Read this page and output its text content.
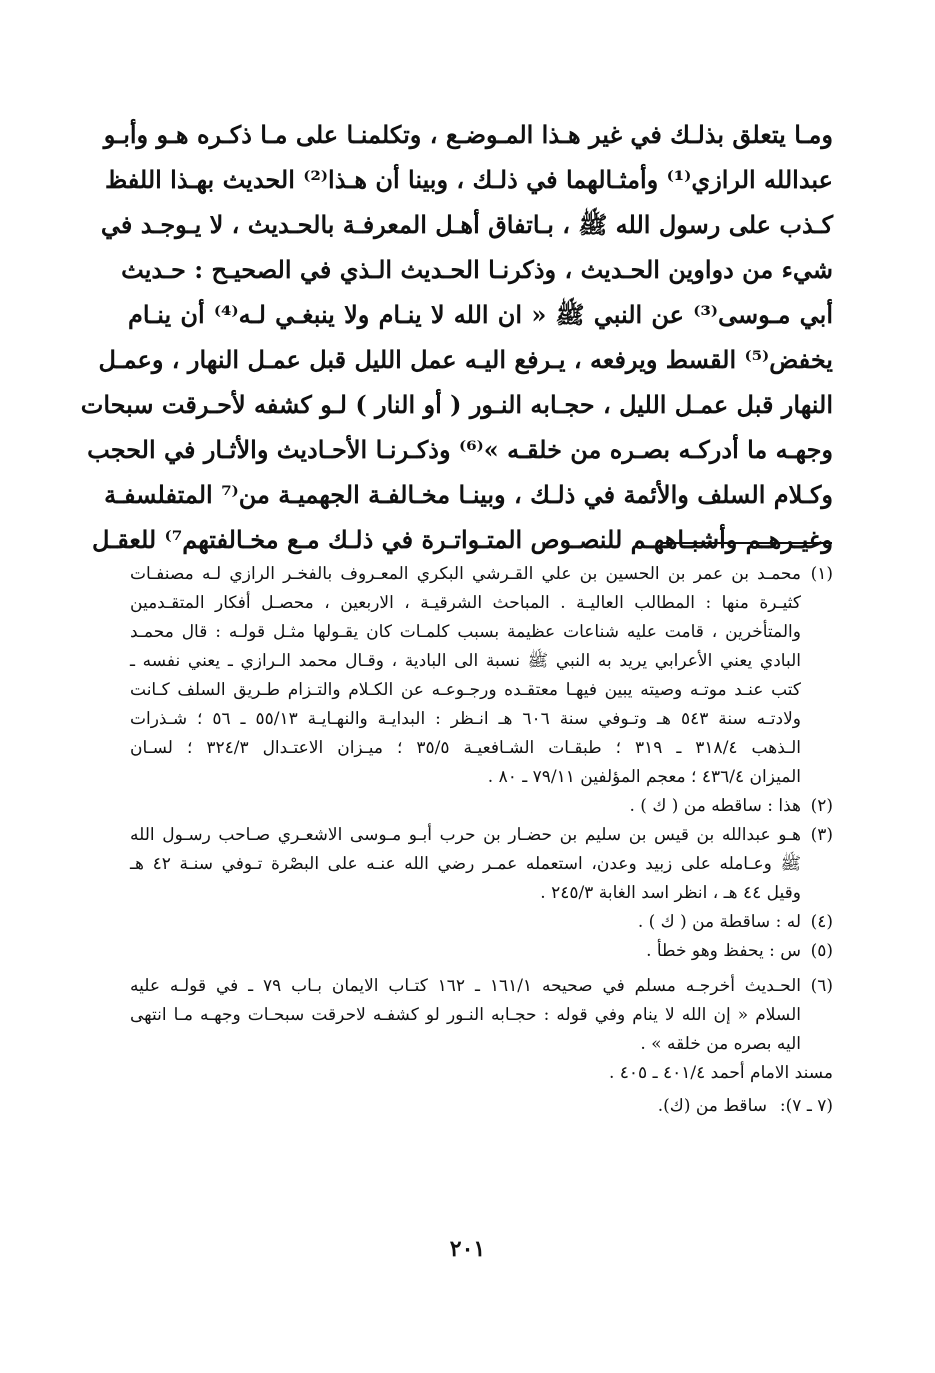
ومـا يتعلق بذلـك في غير هـذا المـوضـع ، وتكلمنـا على مـا ذكـره هـو وأبـو
عبدالله الرازي⁽¹⁾ وأمثـالهما في ذلـك ، وبينا أن هـذا⁽²⁾ الحديث بهـذا اللفظ
كـذب على رسول الله ﷺ ، بـاتفاق أهـل المعرفـة بالحـديث ، لا يـوجـد في
شيء من دواوين الحـديث ، وذكرنـا الحـديث الـذي في الصحيـح : حـديث
أبي مـوسى⁽³⁾ عن النبي ﷺ « ان الله لا ينـام ولا ينبغـي لـه⁽⁴⁾ أن ينـام
يخفض⁽⁵⁾ القسط ويرفعه ، يـرفع اليـه عمل الليل قبل عمـل النهار ، وعمـل
النهار قبل عمـل الليل ، حجـابه النـور ( أو النار ) لـو كشفه لأحـرقت سبحات
وجهـه ما أدركـه بصـره من خلقـه »⁽⁶⁾ وذكـرنـا الأحـاديث والأثـار في الحجب
وكـلام السلف والأئمة في ذلـك ، وبينـا مخـالفـة الجهميـة من⁽⁷ المتفلسفـة
وغيـرهـم وأشبـاههـم للنصـوص المتـواتـرة في ذلـك مـع مخـالفتهم⁷⁾ للعقـل
(١)
محمـد بن عمر بن الحسين بن علي القـرشي البكري المعـروف بالفخـر الرازي لـه مصنفـات
كثيـرة منها : المطالب العاليـة . المباحث الشرقيـة ، الاربعين ، محصـل أفكار المتقـدمين
والمتأخرين ، قامت عليه شناعات عظيمة بسبب كلمـات كان يقـولها مثـل قولـه : قال محمـد
البادي يعني الأعرابي يريد به النبي ﷺ نسبة الى البادية ، وقـال محمد الـرازي ـ يعني نفسه ـ
كتب عنـد موتـه وصيته يبين فيهـا معتقـده ورجـوعـه عن الكـلام والتـزام طـريق السلف كـانت
ولادتـه سنة ٥٤٣ هـ وتـوفي سنة ٦٠٦ هـ انـظر : البدايـة والنهـايـة ٥٥/١٣ ـ ٥٦ ؛ شـذرات
الـذهب ٣١٨/٤ ـ ٣١٩ ؛ طبقـات الشـافعيـة ٣٥/٥ ؛ ميـزان الاعتـدال ٣٢٤/٣ ؛ لسـان
الميزان ٤٣٦/٤ ؛ معجم المؤلفين ٧٩/١١ ـ ٨٠ .
(٢)
هذا : ساقطه من ( ك ) .
(٣)
هـو عبدالله بن قيس بن سليم بن حضـار بن حرب أبـو مـوسى الاشعـري صـاحب رسـول الله
ﷺ وعـامله على زبيد وعدن، استعمله عمـر رضي الله عنـه على البصْرة تـوفي سنـة ٤٢ هـ
وقيل ٤٤ هـ ، انظر اسد الغابة ٢٤٥/٣ .
(٤)
له : ساقطة من ( ك ) .
(٥)
س : يحفظ وهو خطأ .
(٦)
الحـديث أخرجـه مسلم في صحيحه ١٦١/١ ـ ١٦٢ كتـاب الايمان بـاب ٧٩ ـ في قولـه عليه
السلام « إن الله لا ينام وفي قوله : حجـابه النـور لو كشفـه لاحرقت سبحـات وجهـه مـا انتهى
اليه بصره من خلقه » .
مسند الامام أحمد ٤٠١/٤ ـ ٤٠٥ .
(٧ ـ ٧):
ساقط من (ك).
٢٠١
